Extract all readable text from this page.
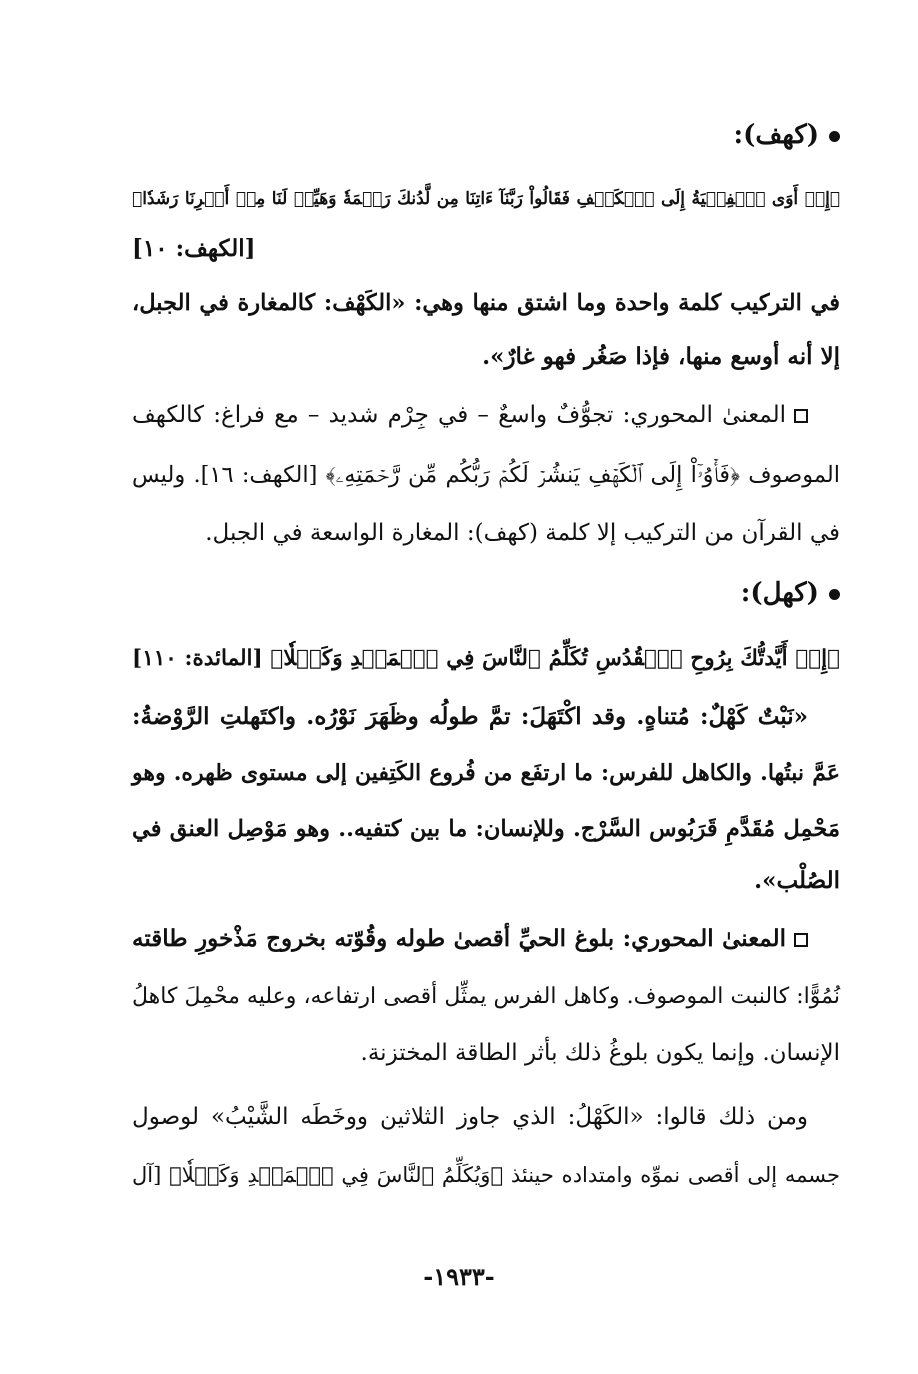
(كهف):
﴿إِذۡ أَوَى ٱلۡفِتۡيَةُ إِلَى ٱلۡكَهۡفِ فَقَالُواْ رَبَّنَآ ءَاتِنَا مِن لَّدُنكَ رَحۡمَةٗ وَهَيِّئۡ لَنَا مِنۡ أَمۡرِنَا رَشَدٗا﴾
[الكهف: ١٠]
في التركيب كلمة واحدة وما اشتق منها وهي: «الكَهْف: كالمغارة في الجبل،
إلا أنه أوسع منها، فإذا صَغُر فهو غارٌ».
المعنىٰ المحوري: تجوُّفٌ واسعٌ – في جِرْم شديد – مع فراغ: كالكهف
الموصوف ﴿فَأۡوُۥٓاْ إِلَى ٱلۡكَهۡفِ يَنشُرۡ لَكُمۡ رَبُّكُم مِّن رَّحۡمَتِهِۦ﴾ [الكهف: ١٦]. وليس
في القرآن من التركيب إلا كلمة (كهف): المغارة الواسعة في الجبل.
(كهل):
﴿إِذۡ أَيَّدتُّكَ بِرُوحِ ٱلۡقُدُسِ تُكَلِّمُ ٱلنَّاسَ فِي ٱلۡمَهۡدِ وَكَهۡلٗا﴾ [المائدة: ١١٠]
«نَبْتٌ كَهْلٌ: مُتناهٍ. وقد اكْتَهَلَ: تمَّ طولُه وظَهَرَ نَوْرُه. واكتَهلتِ الرَّوْضةُ:
عَمَّ نبتُها. والكاهل للفرس: ما ارتفَع من فُروع الكَتِفين إلى مستوى ظهره. وهو
مَحْمِل مُقَدَّمِ قَرَبُوس السَّرْج. وللإنسان: ما بين كتفيه.. وهو مَوْصِل العنق في
الصُلْب».
المعنىٰ المحوري: بلوغ الحيِّ أقصىٰ طوله وقُوّته بخروج مَذْخورِ طاقته
نُمُوًّا: كالنبت الموصوف. وكاهل الفرس يمثِّل أقصى ارتفاعه، وعليه محْمِلَ كاهلُ
الإنسان. وإنما يكون بلوغُ ذلك بأثر الطاقة المختزنة.
ومن ذلك قالوا: «الكَهْلُ: الذي جاوز الثلاثين ووخَطَه الشَّيْبُ» لوصول
جسمه إلى أقصى نموِّه وامتداده حينئذ ﴿وَيُكَلِّمُ ٱلنَّاسَ فِي ٱلۡمَهۡدِ وَكَهۡلٗا﴾ [آل
-١٩٣٣-
